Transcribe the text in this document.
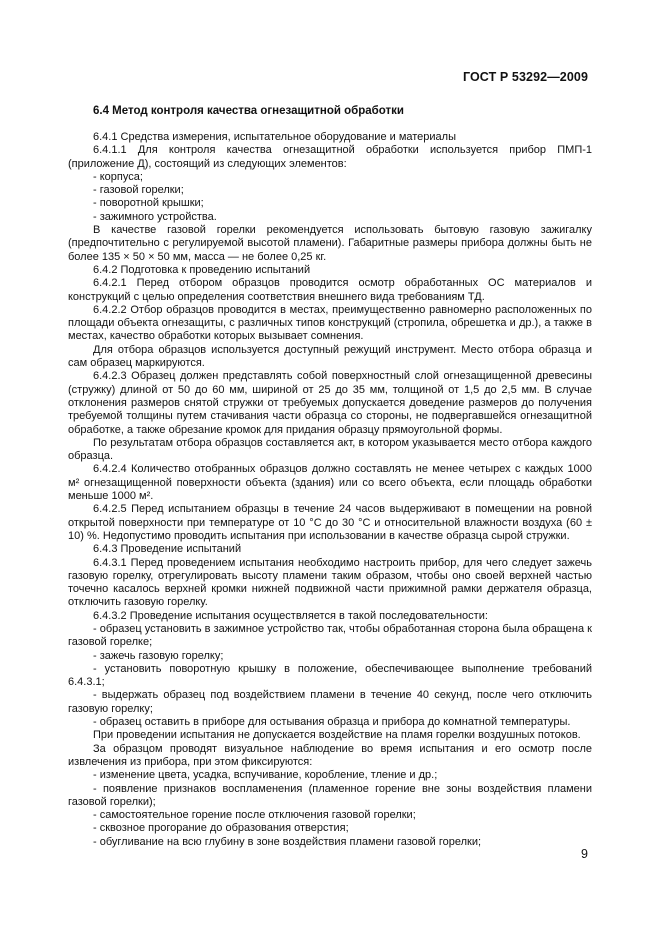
ГОСТ Р 53292—2009
6.4 Метод контроля качества огнезащитной обработки

6.4.1 Средства измерения, испытательное оборудование и материалы

6.4.1.1 Для контроля качества огнезащитной обработки используется прибор ПМП-1 (приложение Д), состоящий из следующих элементов:

- корпуса;

- газовой горелки;

- поворотной крышки;

- зажимного устройства.

В качестве газовой горелки рекомендуется использовать бытовую газовую зажигалку (предпочтительно с регулируемой высотой пламени). Габаритные размеры прибора должны быть не более 135 × 50 × 50 мм, масса — не более 0,25 кг.

6.4.2 Подготовка к проведению испытаний

6.4.2.1 Перед отбором образцов проводится осмотр обработанных ОС материалов и конструкций с целью определения соответствия внешнего вида требованиям ТД.

6.4.2.2 Отбор образцов проводится в местах, преимущественно равномерно расположенных по площади объекта огнезащиты, с различных типов конструкций (стропила, обрешетка и др.), а также в местах, качество обработки которых вызывает сомнения.

Для отбора образцов используется доступный режущий инструмент. Место отбора образца и сам образец маркируются.

6.4.2.3 Образец должен представлять собой поверхностный слой огнезащищенной древесины (стружку) длиной от 50 до 60 мм, шириной от 25 до 35 мм, толщиной от 1,5 до 2,5 мм. В случае отклонения размеров снятой стружки от требуемых допускается доведение размеров до получения требуемой толщины путем стачивания части образца со стороны, не подвергавшейся огнезащитной обработке, а также обрезание кромок для придания образцу прямоугольной формы.

По результатам отбора образцов составляется акт, в котором указывается место отбора каждого образца.

6.4.2.4 Количество отобранных образцов должно составлять не менее четырех с каждых 1000 м² огнезащищенной поверхности объекта (здания) или со всего объекта, если площадь обработки меньше 1000 м².

6.4.2.5 Перед испытанием образцы в течение 24 часов выдерживают в помещении на ровной открытой поверхности при температуре от 10 °С до 30 °С и относительной влажности воздуха (60 ± 10) %. Недопустимо проводить испытания при использовании в качестве образца сырой стружки.

6.4.3 Проведение испытаний

6.4.3.1 Перед проведением испытания необходимо настроить прибор, для чего следует зажечь газовую горелку, отрегулировать высоту пламени таким образом, чтобы оно своей верхней частью точечно касалось верхней кромки нижней подвижной части прижимной рамки держателя образца, отключить газовую горелку.

6.4.3.2 Проведение испытания осуществляется в такой последовательности:

- образец установить в зажимное устройство так, чтобы обработанная сторона была обращена к газовой горелке;

- зажечь газовую горелку;

- установить поворотную крышку в положение, обеспечивающее выполнение требований 6.4.3.1;

- выдержать образец под воздействием пламени в течение 40 секунд, после чего отключить газовую горелку;

- образец оставить в приборе для остывания образца и прибора до комнатной температуры.

При проведении испытания не допускается воздействие на пламя горелки воздушных потоков.

За образцом проводят визуальное наблюдение во время испытания и его осмотр после извлечения из прибора, при этом фиксируются:

- изменение цвета, усадка, вспучивание, коробление, тление и др.;

- появление признаков воспламенения (пламенное горение вне зоны воздействия пламени газовой горелки);

- самостоятельное горение после отключения газовой горелки;

- сквозное прогорание до образования отверстия;

- обугливание на всю глубину в зоне воздействия пламени газовой горелки;

9
